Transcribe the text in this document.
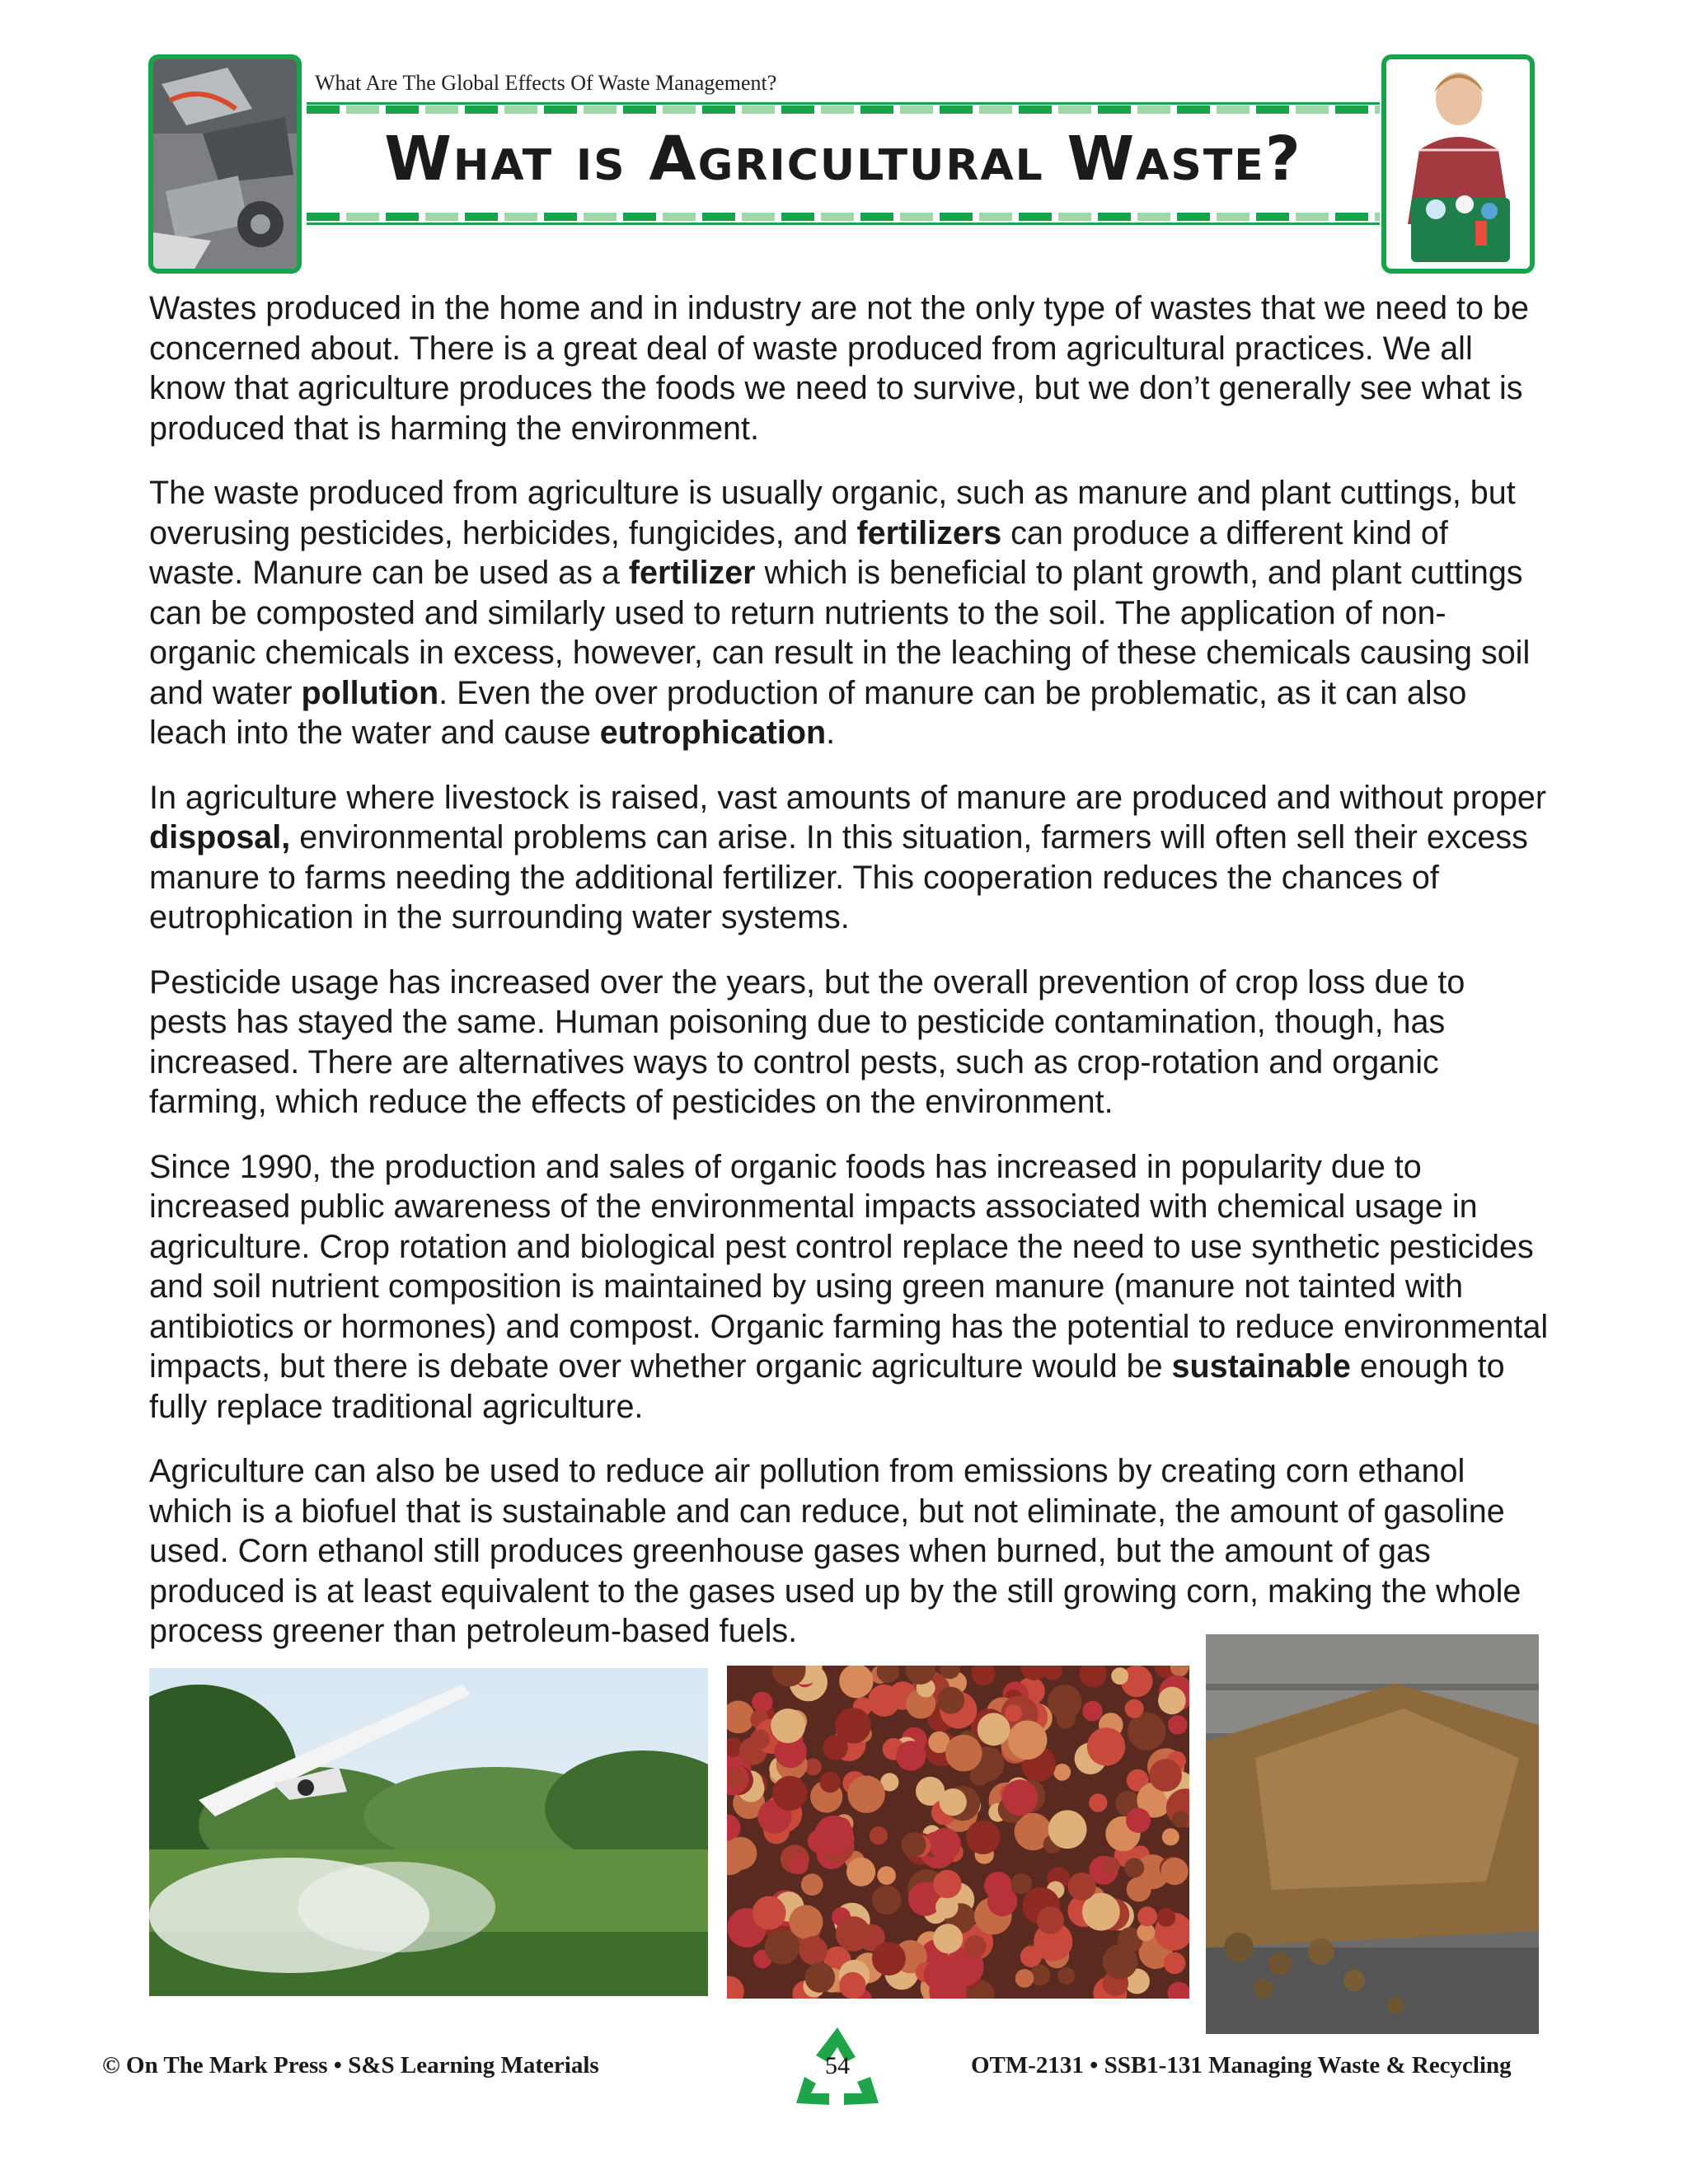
What Are The Global Effects Of Waste Management?
What is Agricultural Waste?

Wastes produced in the home and in industry are not the only type of wastes that we need to be concerned about. There is a great deal of waste produced from agricultural practices. We all know that agriculture produces the foods we need to survive, but we don’t generally see what is produced that is harming the environment.

The waste produced from agriculture is usually organic, such as manure and plant cuttings, but overusing pesticides, herbicides, fungicides, and fertilizers can produce a different kind of waste. Manure can be used as a fertilizer which is beneficial to plant growth, and plant cuttings can be composted and similarly used to return nutrients to the soil. The application of non-organic chemicals in excess, however, can result in the leaching of these chemicals causing soil and water pollution. Even the over production of manure can be problematic, as it can also leach into the water and cause eutrophication.

In agriculture where livestock is raised, vast amounts of manure are produced and without proper disposal, environmental problems can arise. In this situation, farmers will often sell their excess manure to farms needing the additional fertilizer. This cooperation reduces the chances of eutrophication in the surrounding water systems.

Pesticide usage has increased over the years, but the overall prevention of crop loss due to pests has stayed the same. Human poisoning due to pesticide contamination, though, has increased. There are alternatives ways to control pests, such as crop-rotation and organic farming, which reduce the effects of pesticides on the environment.

Since 1990, the production and sales of organic foods has increased in popularity due to increased public awareness of the environmental impacts associated with chemical usage in agriculture. Crop rotation and biological pest control replace the need to use synthetic pesticides and soil nutrient composition is maintained by using green manure (manure not tainted with antibiotics or hormones) and compost. Organic farming has the potential to reduce environmental impacts, but there is debate over whether organic agriculture would be sustainable enough to fully replace traditional agriculture.

Agriculture can also be used to reduce air pollution from emissions by creating corn ethanol which is a biofuel that is sustainable and can reduce, but not eliminate, the amount of gasoline used. Corn ethanol still produces greenhouse gases when burned, but the amount of gas produced is at least equivalent to the gases used up by the still growing corn, making the whole process greener than petroleum-based fuels.

© On The Mark Press • S&S Learning Materials	54	OTM-2131 • SSB1-131 Managing Waste & Recycling
